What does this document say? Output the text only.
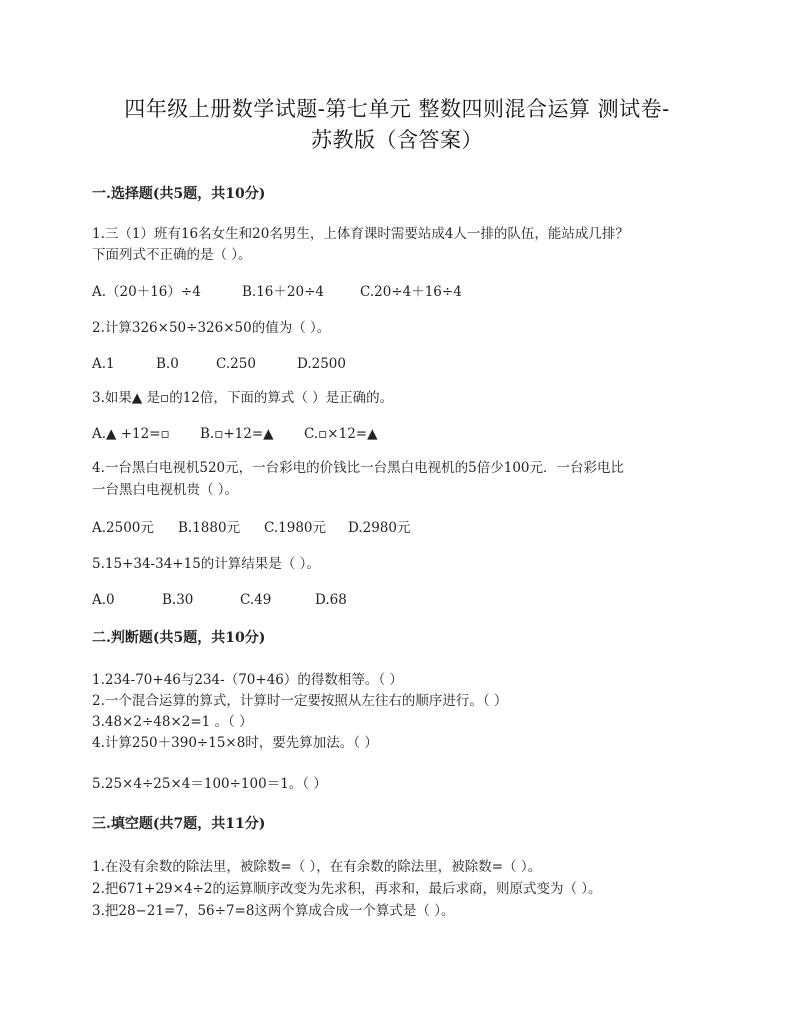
四年级上册数学试题-第七单元 整数四则混合运算 测试卷-
苏教版（含答案）
一.选择题(共5题，共10分)
1.三（1）班有16名女生和20名男生，上体育课时需要站成4人一排的队伍，能站成几排？
下面列式不正确的是（ ）。
A.（20＋16）÷4	B.16＋20÷4	C.20÷4＋16÷4
2.计算326×50÷326×50的值为（ ）。
A.1	B.0	C.250	D.2500
3.如果▲ 是▫的12倍，下面的算式（ ）是正确的。
A.▲ +12=▫ B.▫+12=▲ C.▫×12=▲
4.一台黑白电视机520元，一台彩电的价钱比一台黑白电视机的5倍少100元．一台彩电比
一台黑白电视机贵（ ）。
A.2500元 B.1880元 C.1980元 D.2980元
5.15+34-34+15的计算结果是（ ）。
A.0	B.30	C.49	D.68
二.判断题(共5题，共10分)
1.234-70+46与234-（70+46）的得数相等。（ ）
2.一个混合运算的算式，计算时一定要按照从左往右的顺序进行。（ ）
3.48×2÷48×2=1 。（ ）
4.计算250＋390÷15×8时，要先算加法。（ ）
5.25×4÷25×4＝100÷100＝1。（ ）
三.填空题(共7题，共11分)
1.在没有余数的除法里，被除数=（ ），在有余数的除法里，被除数=（ ）。
2.把671+29×4÷2的运算顺序改变为先求积，再求和，最后求商，则原式变为（ ）。
3.把28−21=7，56÷7=8这两个算成合成一个算式是（ ）。
